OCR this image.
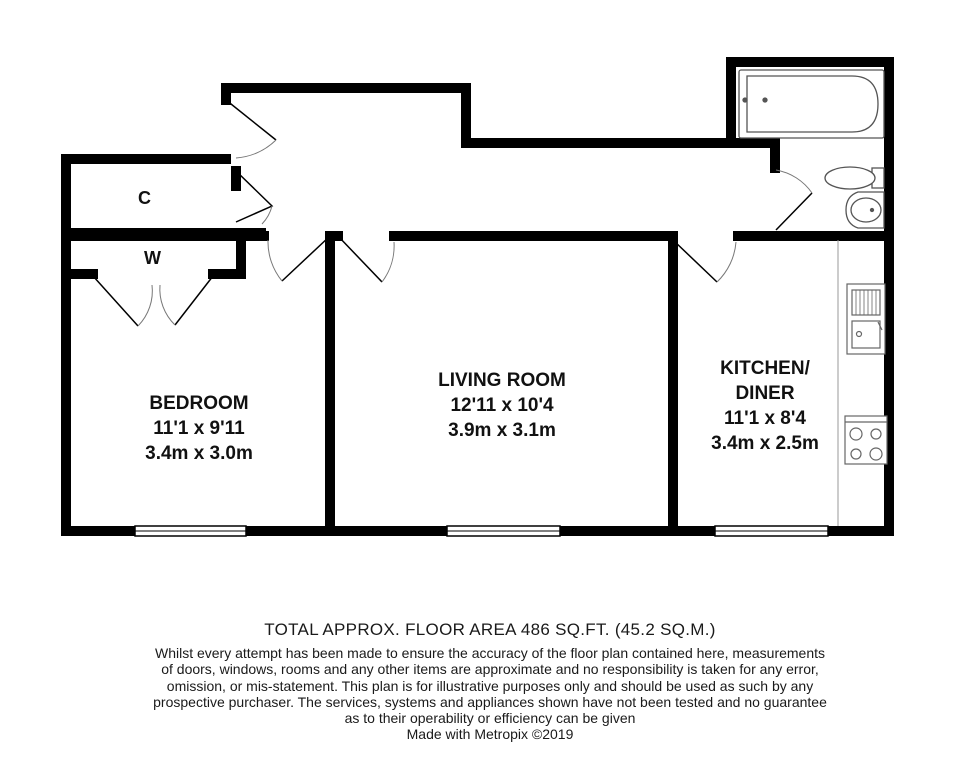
C
W
BEDROOM
11'1 x 9'11
3.4m x 3.0m
LIVING ROOM
12'11 x 10'4
3.9m x 3.1m
KITCHEN/
DINER
11'1 x 8'4
3.4m x 2.5m
TOTAL APPROX. FLOOR AREA 486 SQ.FT. (45.2 SQ.M.)
Whilst every attempt has been made to ensure the accuracy of the floor plan contained here, measurements
of doors, windows, rooms and any other items are approximate and no responsibility is taken for any error,
omission, or mis-statement. This plan is for illustrative purposes only and should be used as such by any
prospective purchaser. The services, systems and appliances shown have not been tested and no guarantee
as to their operability or efficiency can be given
Made with Metropix ©2019
